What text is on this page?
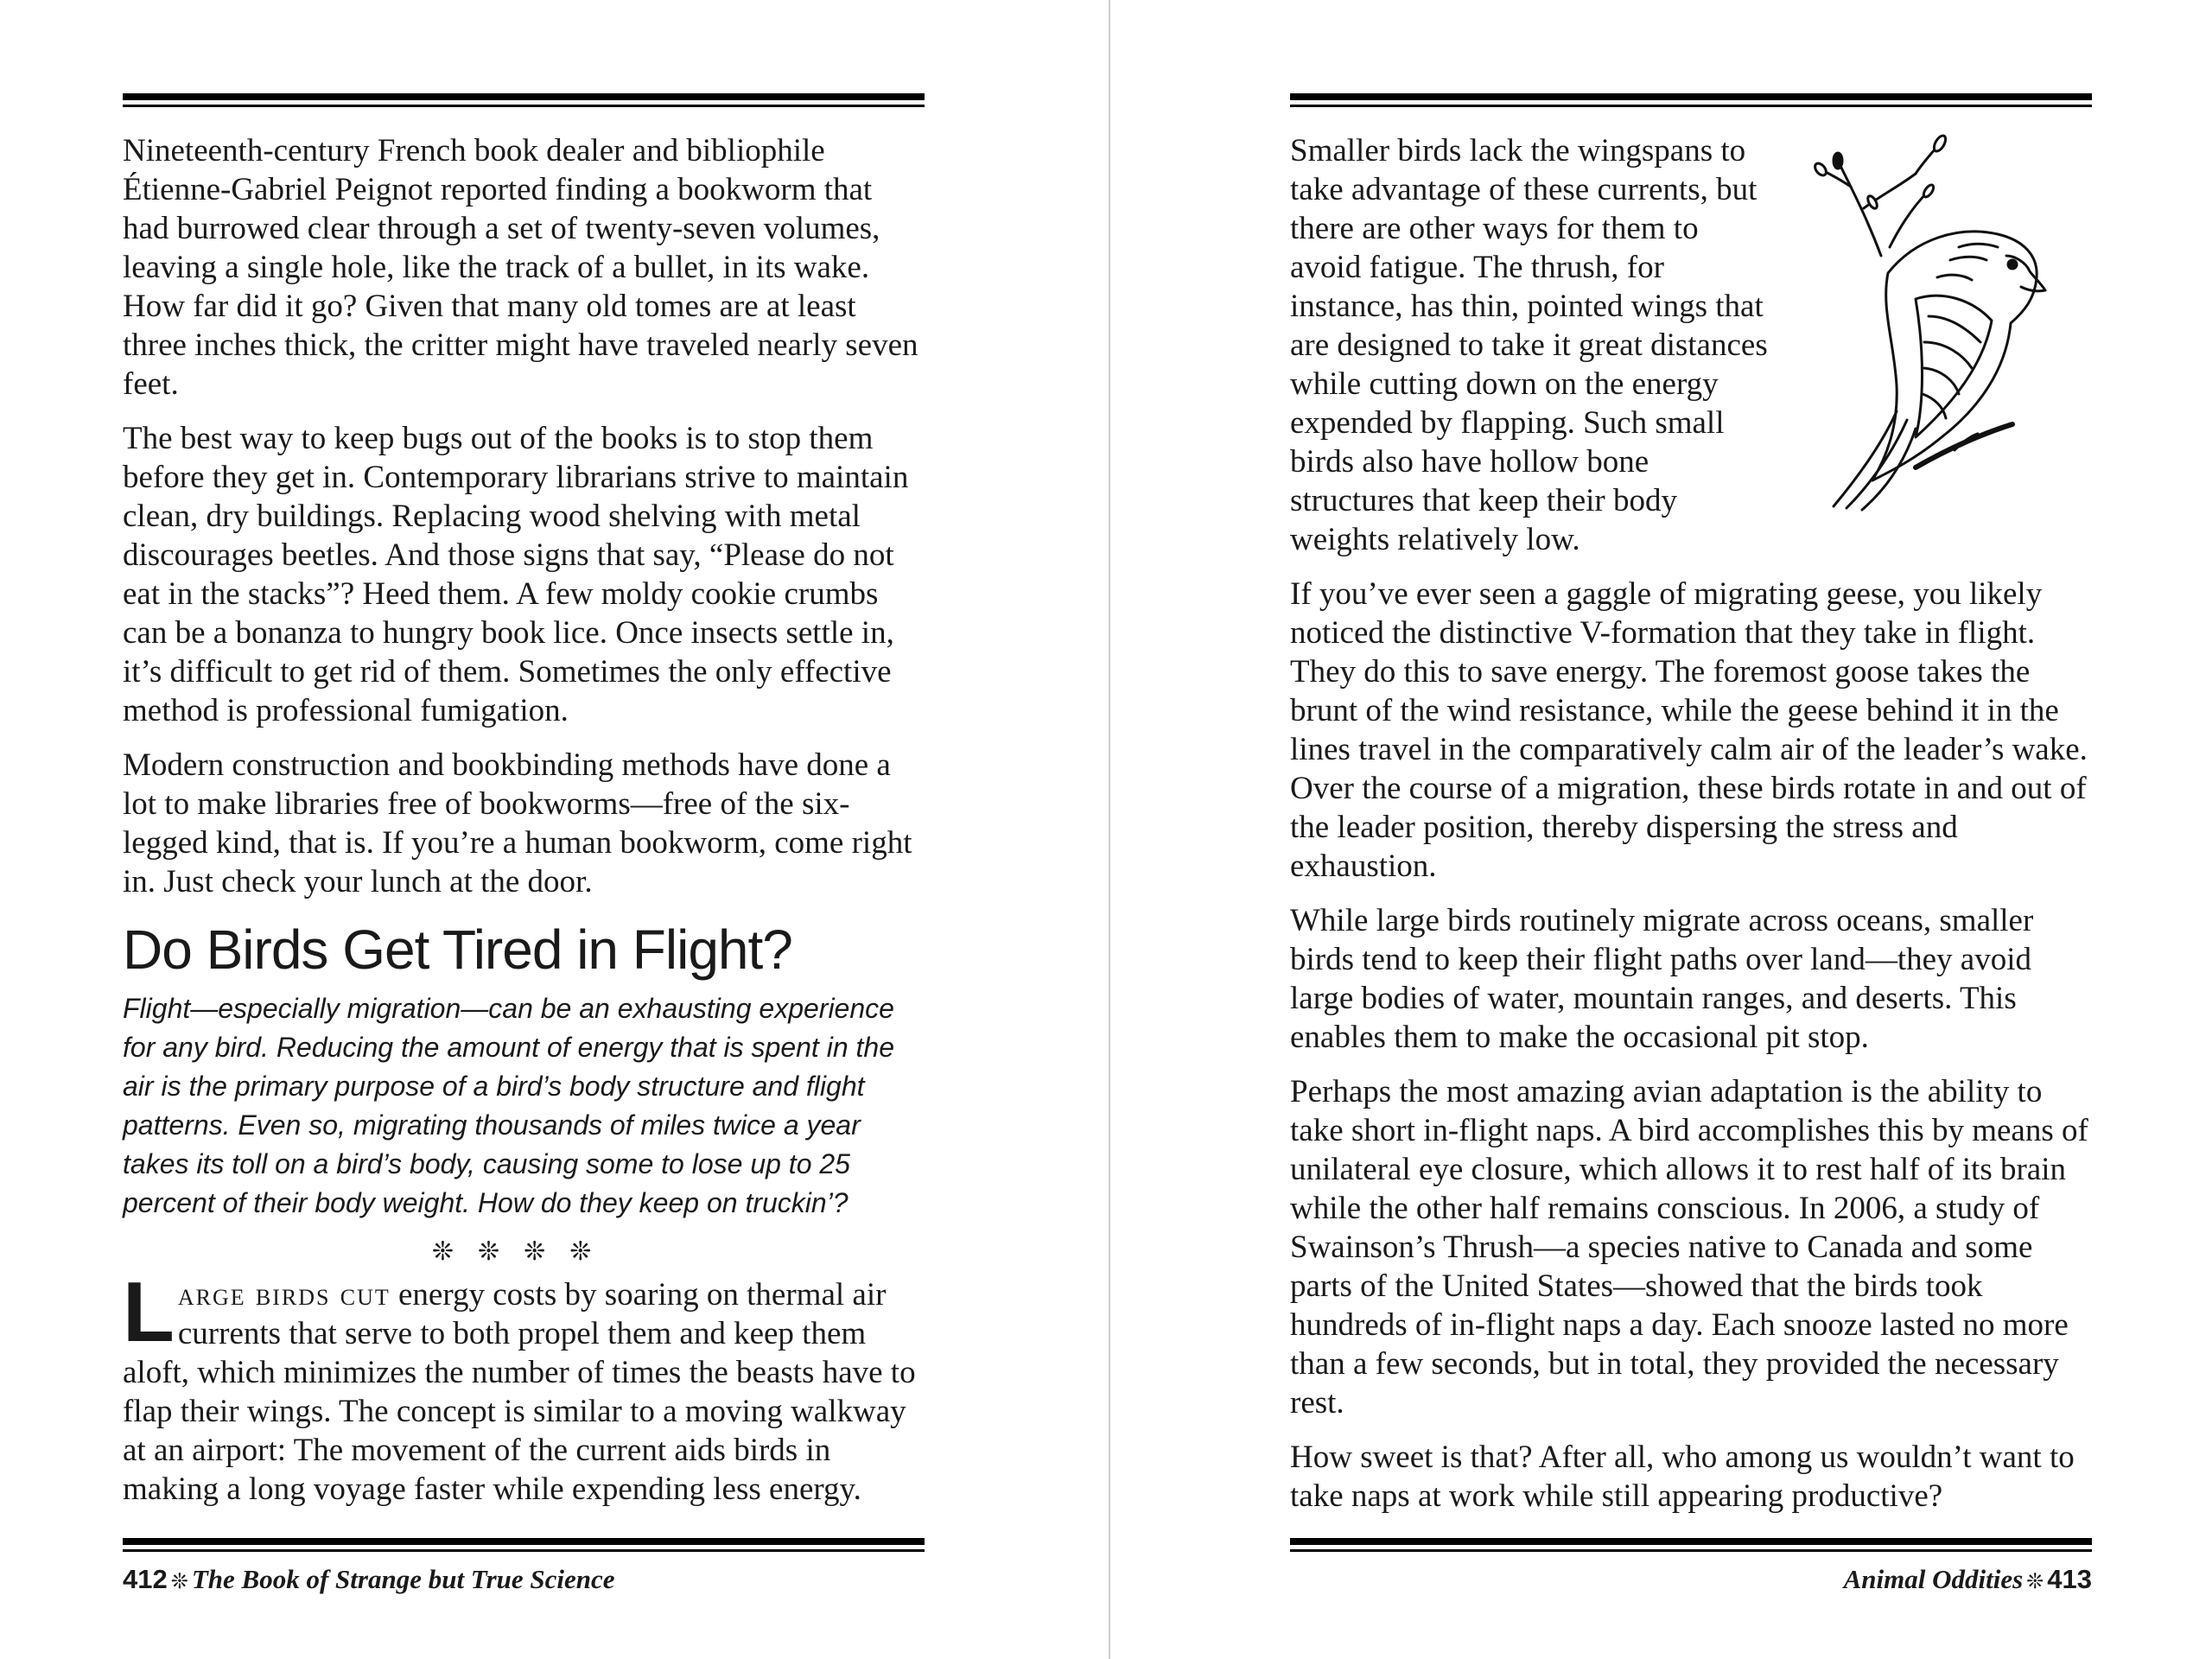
Nineteenth-century French book dealer and bibliophile Étienne-Gabriel Peignot reported finding a bookworm that had burrowed clear through a set of twenty-seven volumes, leaving a single hole, like the track of a bullet, in its wake. How far did it go? Given that many old tomes are at least three inches thick, the critter might have traveled nearly seven feet.

The best way to keep bugs out of the books is to stop them before they get in. Contemporary librarians strive to maintain clean, dry buildings. Replacing wood shelving with metal discourages beetles. And those signs that say, “Please do not eat in the stacks”? Heed them. A few moldy cookie crumbs can be a bonanza to hungry book lice. Once insects settle in, it’s difficult to get rid of them. Sometimes the only effective method is professional fumigation.

Modern construction and bookbinding methods have done a lot to make libraries free of bookworms—free of the six-legged kind, that is. If you’re a human bookworm, come right in. Just check your lunch at the door.

Do Birds Get Tired in Flight?

Flight—especially migration—can be an exhausting experience for any bird. Reducing the amount of energy that is spent in the air is the primary purpose of a bird’s body structure and flight patterns. Even so, migrating thousands of miles twice a year takes its toll on a bird’s body, causing some to lose up to 25 percent of their body weight. How do they keep on truckin’?

❊❊❊❊

Large birds cut energy costs by soaring on thermal air currents that serve to both propel them and keep them aloft, which minimizes the number of times the beasts have to flap their wings. The concept is similar to a moving walkway at an airport: The movement of the current aids birds in making a long voyage faster while expending less energy.

412 ❊ The Book of Strange but True Science

Smaller birds lack the wingspans to take advantage of these currents, but there are other ways for them to avoid fatigue. The thrush, for instance, has thin, pointed wings that are designed to take it great distances while cutting down on the energy expended by flapping. Such small birds also have hollow bone structures that keep their body weights relatively low.

If you’ve ever seen a gaggle of migrating geese, you likely noticed the distinctive V-formation that they take in flight. They do this to save energy. The foremost goose takes the brunt of the wind resistance, while the geese behind it in the lines travel in the comparatively calm air of the leader’s wake. Over the course of a migration, these birds rotate in and out of the leader position, thereby dispersing the stress and exhaustion.

While large birds routinely migrate across oceans, smaller birds tend to keep their flight paths over land—they avoid large bodies of water, mountain ranges, and deserts. This enables them to make the occasional pit stop.

Perhaps the most amazing avian adaptation is the ability to take short in-flight naps. A bird accomplishes this by means of unilateral eye closure, which allows it to rest half of its brain while the other half remains conscious. In 2006, a study of Swainson’s Thrush—a species native to Canada and some parts of the United States—showed that the birds took hundreds of in-flight naps a day. Each snooze lasted no more than a few seconds, but in total, they provided the necessary rest.

How sweet is that? After all, who among us wouldn’t want to take naps at work while still appearing productive?

Animal Oddities ❊ 413
